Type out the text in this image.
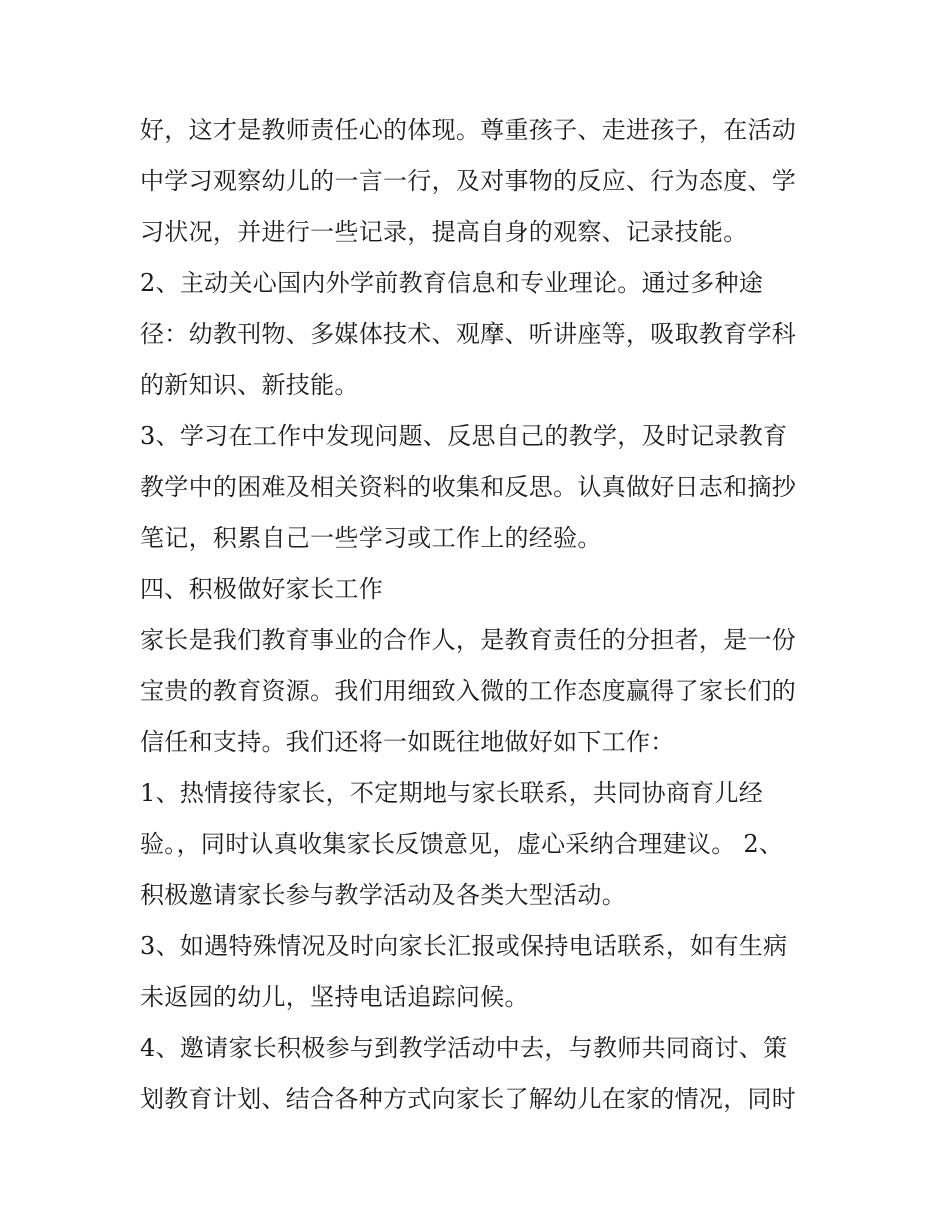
好，这才是教师责任心的体现。尊重孩子、走进孩子，在活动
中学习观察幼儿的一言一行，及对事物的反应、行为态度、学
习状况，并进行一些记录，提高自身的观察、记录技能。
2、主动关心国内外学前教育信息和专业理论。通过多种途
径：幼教刊物、多媒体技术、观摩、听讲座等，吸取教育学科
的新知识、新技能。
3、学习在工作中发现问题、反思自己的教学，及时记录教育
教学中的困难及相关资料的收集和反思。认真做好日志和摘抄
笔记，积累自己一些学习或工作上的经验。
四、积极做好家长工作
家长是我们教育事业的合作人，是教育责任的分担者，是一份
宝贵的教育资源。我们用细致入微的工作态度赢得了家长们的
信任和支持。我们还将一如既往地做好如下工作：
1、热情接待家长，不定期地与家长联系，共同协商育儿经
验。，同时认真收集家长反馈意见，虚心采纳合理建议。 2、
积极邀请家长参与教学活动及各类大型活动。
3、如遇特殊情况及时向家长汇报或保持电话联系，如有生病
未返园的幼儿，坚持电话追踪问候。
4、邀请家长积极参与到教学活动中去，与教师共同商讨、策
划教育计划、结合各种方式向家长了解幼儿在家的情况，同时
